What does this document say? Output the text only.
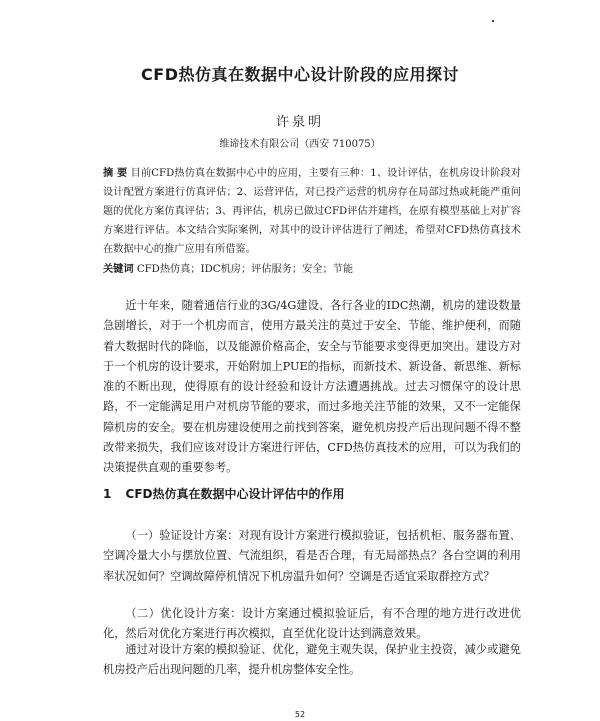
CFD热仿真在数据中心设计阶段的应用探讨
许泉明
维谛技术有限公司（西安 710075）
摘 要 目前CFD热仿真在数据中心中的应用，主要有三种：1、设计评估，在机房设计阶段对设计配置方案进行仿真评估；2、运营评估，对已投产运营的机房存在局部过热或耗能严重问题的优化方案仿真评估；3、再评估，机房已做过CFD评估并建档，在原有模型基础上对扩容方案进行评估。本文结合实际案例，对其中的设计评估进行了阐述，希望对CFD热仿真技术在数据中心的推广应用有所借鉴。
关键词 CFD热仿真；IDC机房；评估服务；安全；节能
近十年来，随着通信行业的3G/4G建设、各行各业的IDC热潮，机房的建设数量急剧增长，对于一个机房而言，使用方最关注的莫过于安全、节能、维护便利，而随着大数据时代的降临，以及能源价格高企，安全与节能要求变得更加突出。建设方对于一个机房的设计要求，开始附加上PUE的指标，而新技术、新设备、新思维、新标准的不断出现，使得原有的设计经验和设计方法遭遇挑战。过去习惯保守的设计思路，不一定能满足用户对机房节能的要求，而过多地关注节能的效果，又不一定能保障机房的安全。要在机房建设使用之前找到答案，避免机房投产后出现问题不得不整改带来损失，我们应该对设计方案进行评估，CFD热仿真技术的应用，可以为我们的决策提供直观的重要参考。
1 CFD热仿真在数据中心设计评估中的作用
（一）验证设计方案：对现有设计方案进行模拟验证，包括机柜、服务器布置、空调冷量大小与摆放位置、气流组织，看是否合理，有无局部热点？各台空调的利用率状况如何？空调故障停机情况下机房温升如何？空调是否适宜采取群控方式？
（二）优化设计方案：设计方案通过模拟验证后，有不合理的地方进行改进优化，然后对优化方案进行再次模拟，直至优化设计达到满意效果。
通过对设计方案的模拟验证、优化，避免主观失误，保护业主投资，减少或避免机房投产后出现问题的几率，提升机房整体安全性。
52
